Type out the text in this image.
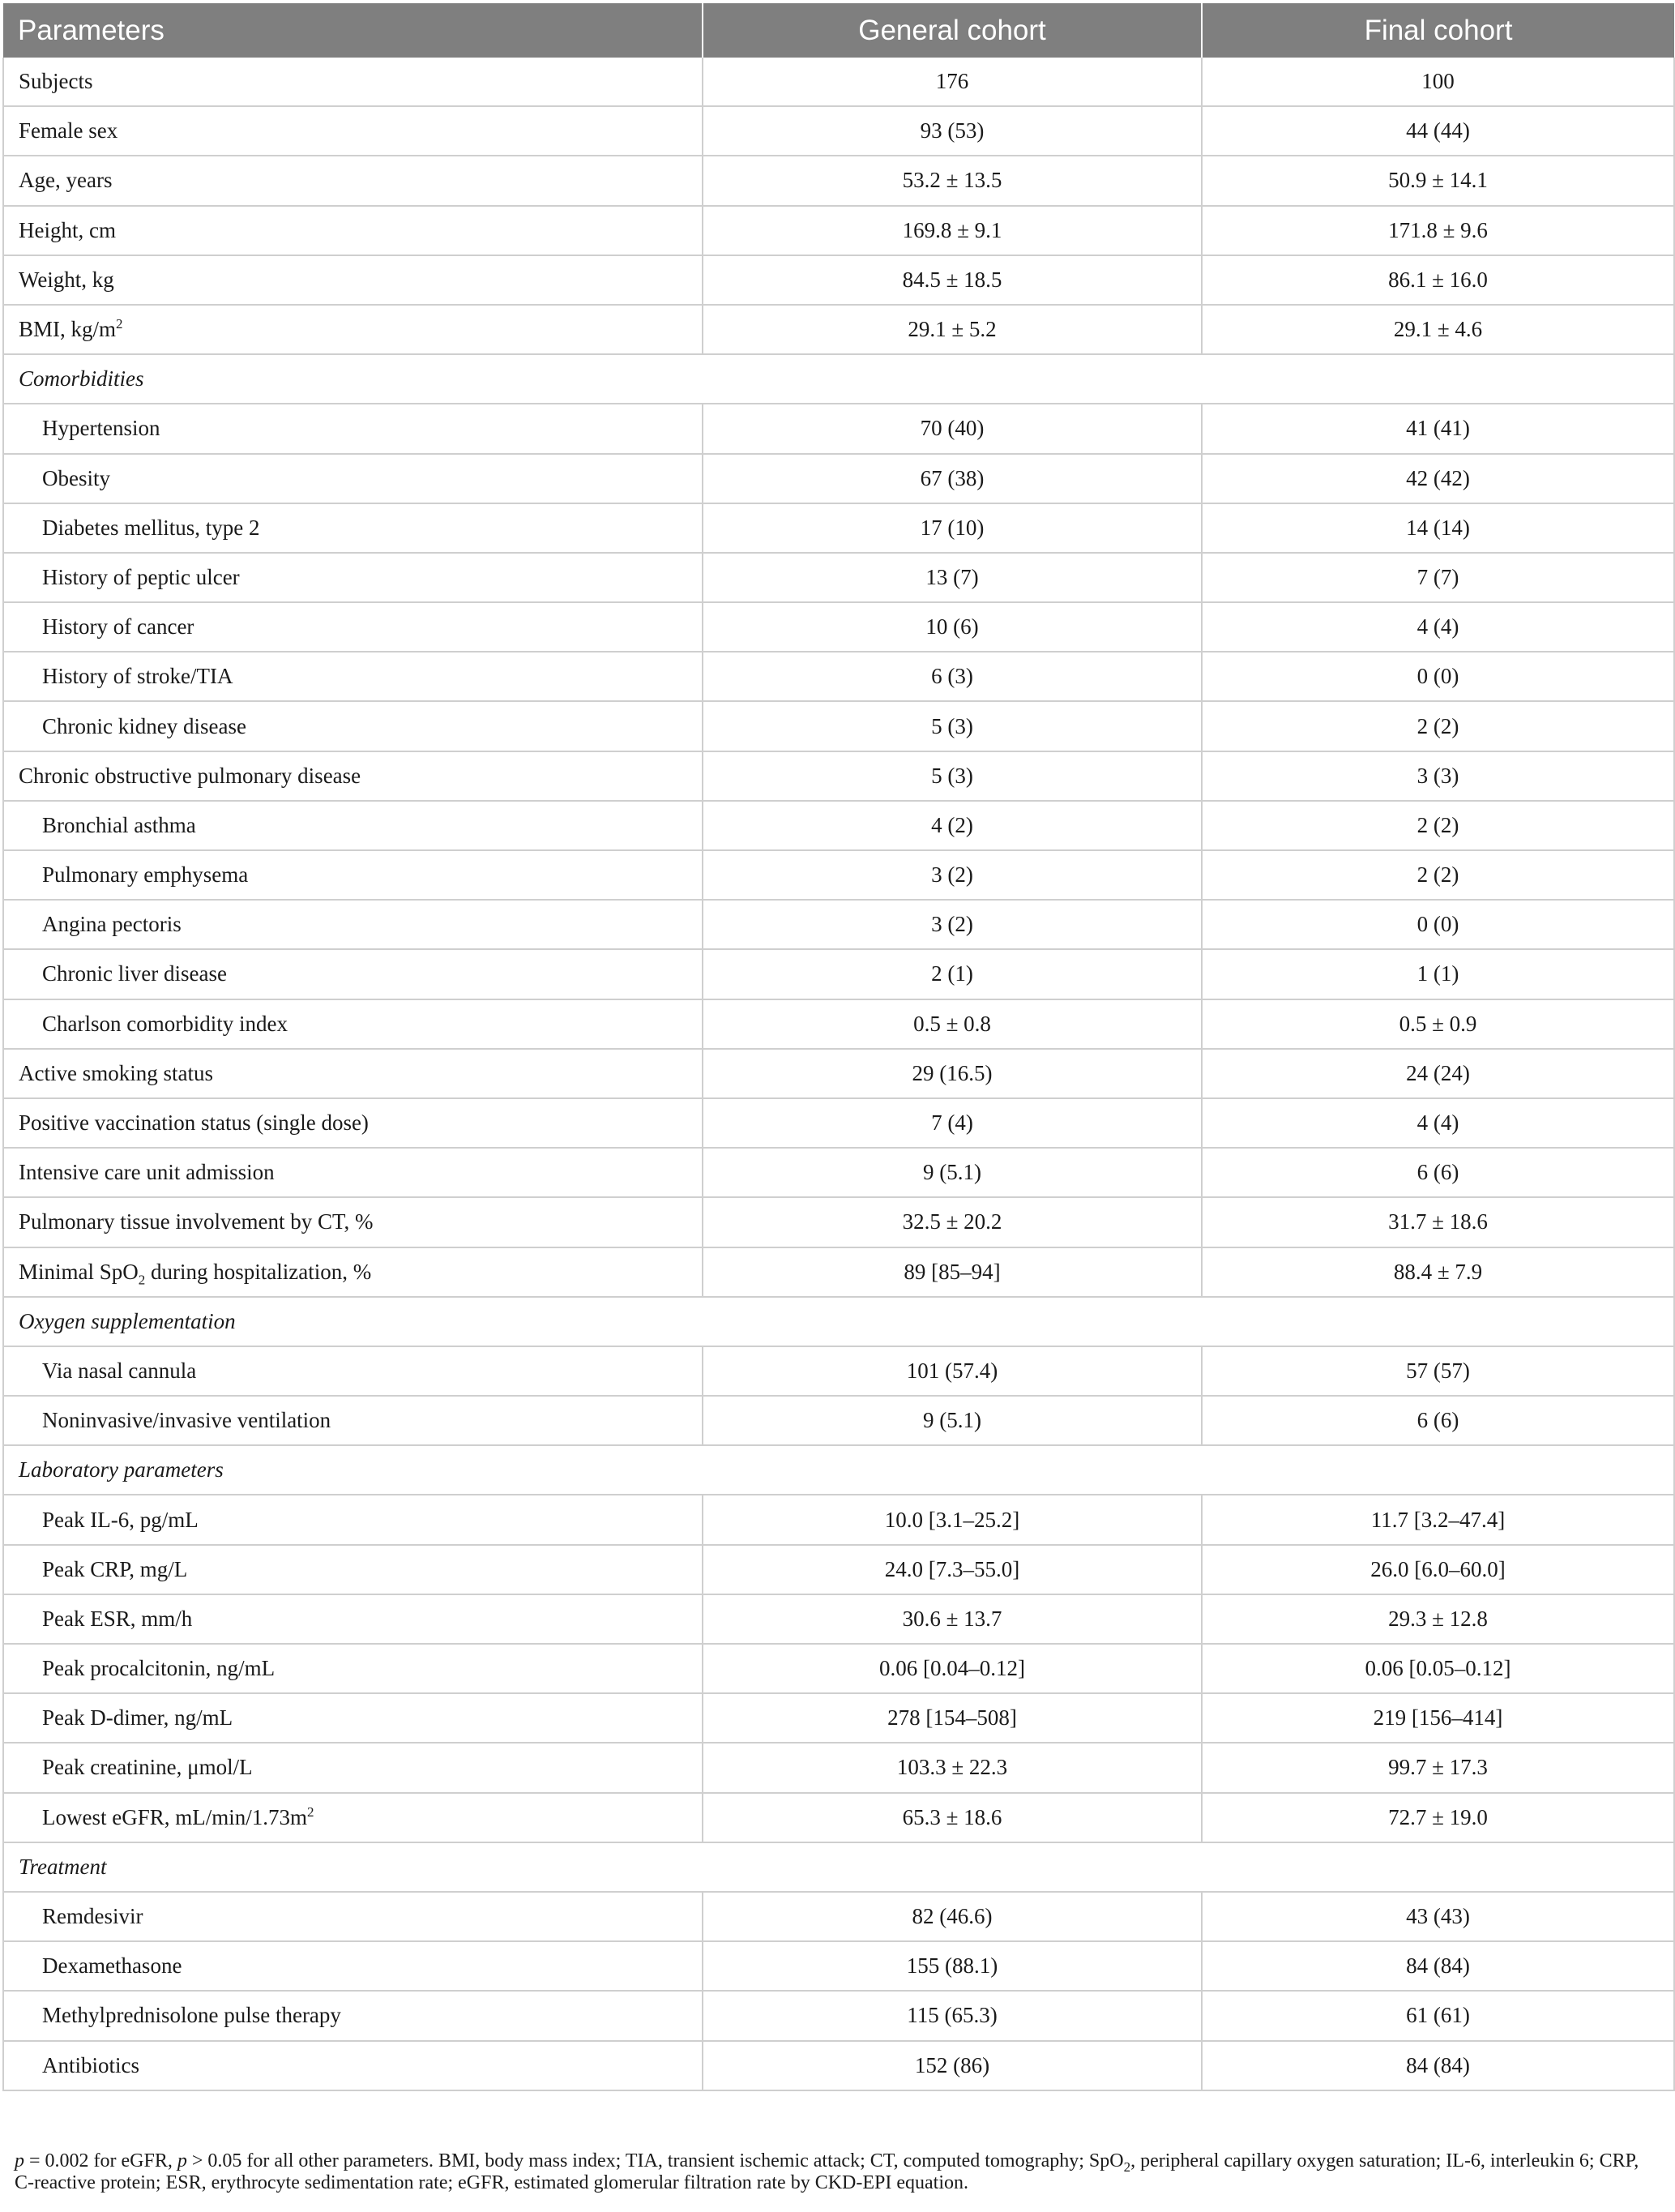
Parameters	General cohort	Final cohort
Subjects	176	100
Female sex	93 (53)	44 (44)
Age, years	53.2 ± 13.5	50.9 ± 14.1
Height, cm	169.8 ± 9.1	171.8 ± 9.6
Weight, kg	84.5 ± 18.5	86.1 ± 16.0
BMI, $kg/m^2$	29.1 ± 5.2	29.1 ± 4.6
Comorbidities		
Hypertension	70 (40)	41 (41)
Obesity	67 (38)	42 (42)
Diabetes mellitus, type 2	17 (10)	14 (14)
History of peptic ulcer	13 (7)	7 (7)
History of cancer	10 (6)	4 (4)
History of stroke/TIA	6 (3)	0 (0)
Chronic kidney disease	5 (3)	2 (2)
Chronic obstructive pulmonary disease	5 (3)	3 (3)
Bronchial asthma	4 (2)	2 (2)
Pulmonary emphysema	3 (2)	2 (2)
Angina pectoris	3 (2)	0 (0)
Chronic liver disease	2 (1)	1 (1)
Charlson comorbidity index	0.5 ± 0.8	0.5 ± 0.9
Active smoking status	29 (16.5)	24 (24)
Positive vaccination status (single dose)	7 (4)	4 (4)
Intensive care unit admission	9 (5.1)	6 (6)
Pulmonary tissue involvement by CT, %	32.5 ± 20.2	31.7 ± 18.6
Minimal SpO$_2$ during hospitalization, %	89 [85–94]	88.4 ± 7.9
Oxygen supplementation		
Via nasal cannula	101 (57.4)	57 (57)
Noninvasive/invasive ventilation	9 (5.1)	6 (6)
Laboratory parameters		
Peak IL-6, pg/mL	10.0 [3.1–25.2]	11.7 [3.2–47.4]
Peak CRP, mg/L	24.0 [7.3–55.0]	26.0 [6.0–60.0]
Peak ESR, mm/h	30.6 ± 13.7	29.3 ± 12.8
Peak procalcitonin, ng/mL	0.06 [0.04–0.12]	0.06 [0.05–0.12]
Peak D-dimer, ng/mL	278 [154–508]	219 [156–414]
Peak creatinine, μmol/L	103.3 ± 22.3	99.7 ± 17.3
Lowest eGFR, $mL/\min/1.73m^2$	65.3 ± 18.6	72.7 ± 19.0
Treatment		
Remdesivir	82 (46.6)	43 (43)
Dexamethasone	155 (88.1)	84 (84)
Methylprednisolone pulse therapy	115 (65.3)	61 (61)
Antibiotics	152 (86)	84 (84)
p = 0.002 for eGFR, p > 0.05 for all other parameters. BMI, body mass index; TIA, transient ischemic attack; CT, computed tomography; SpO$_2$, peripheral capillary oxygen saturation; IL-6, interleukin 6; CRP, C-reactive protein; ESR, erythrocyte sedimentation rate; eGFR, estimated glomerular filtration rate by CKD-EPI equation.
